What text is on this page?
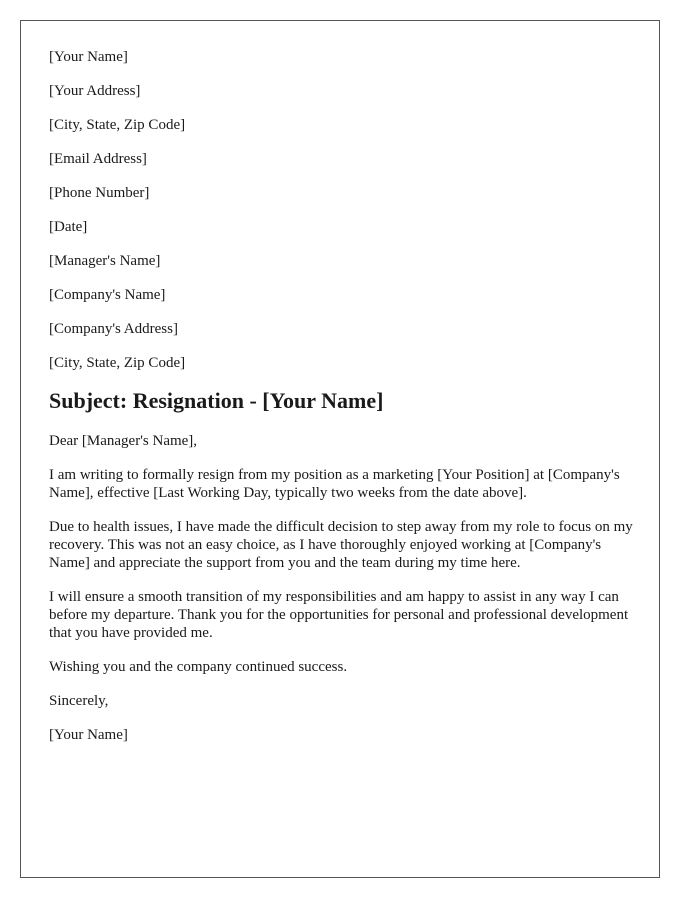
[Your Name]

[Your Address]

[City, State, Zip Code]

[Email Address]

[Phone Number]

[Date]

[Manager's Name]

[Company's Name]

[Company's Address]

[City, State, Zip Code]

Subject: Resignation - [Your Name]

Dear [Manager's Name],

I am writing to formally resign from my position as a marketing [Your Position] at [Company's Name], effective [Last Working Day, typically two weeks from the date above].

Due to health issues, I have made the difficult decision to step away from my role to focus on my recovery. This was not an easy choice, as I have thoroughly enjoyed working at [Company's Name] and appreciate the support from you and the team during my time here.

I will ensure a smooth transition of my responsibilities and am happy to assist in any way I can before my departure. Thank you for the opportunities for personal and professional development that you have provided me.

Wishing you and the company continued success.

Sincerely,

[Your Name]
